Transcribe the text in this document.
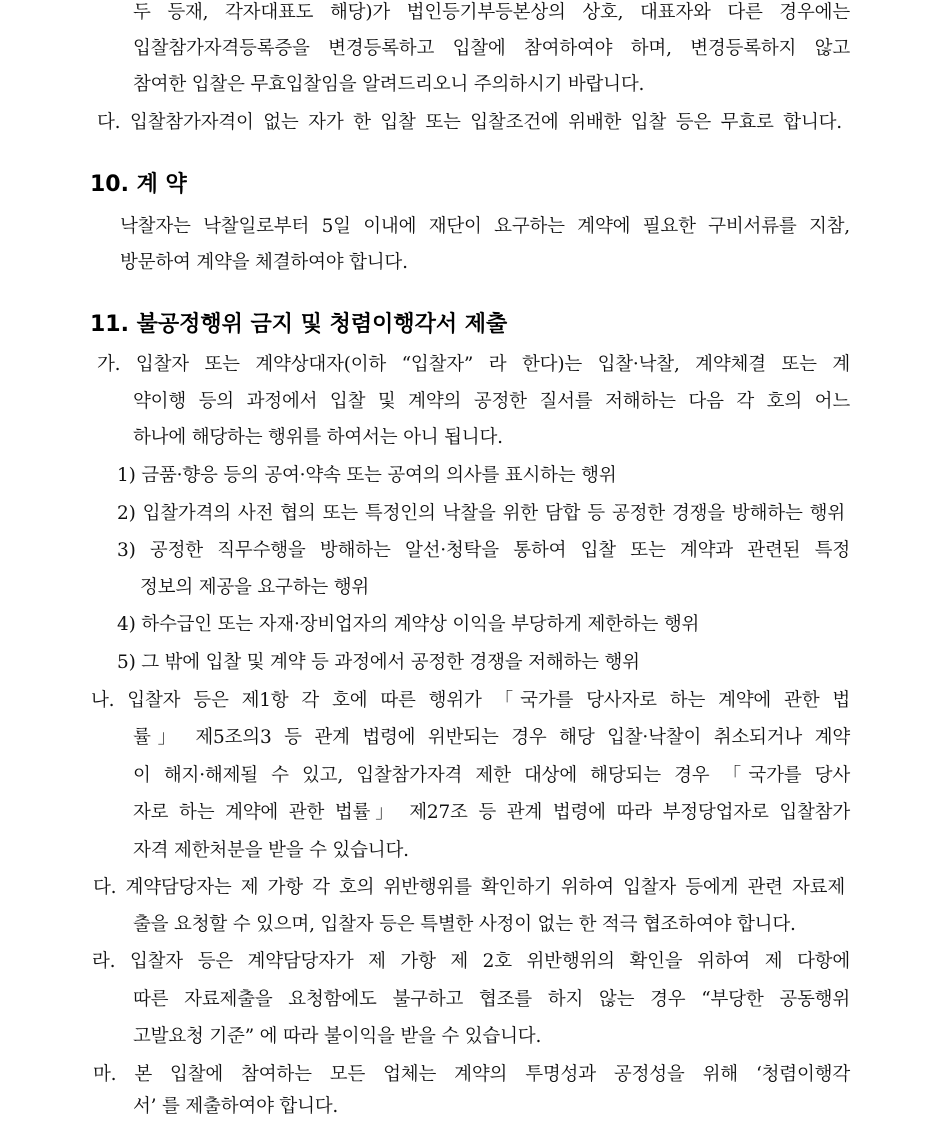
두 등재, 각자대표도 해당)가 법인등기부등본상의 상호, 대표자와 다른 경우에는
입찰참가자격등록증을 변경등록하고 입찰에 참여하여야 하며, 변경등록하지 않고
참여한 입찰은 무효입찰임을 알려드리오니 주의하시기 바랍니다.
다. 입찰참가자격이 없는 자가 한 입찰 또는 입찰조건에 위배한 입찰 등은 무효로 합니다.
10. 계 약
낙찰자는 낙찰일로부터 5일 이내에 재단이 요구하는 계약에 필요한 구비서류를 지참,
방문하여 계약을 체결하여야 합니다.
11. 불공정행위 금지 및 청렴이행각서 제출
가. 입찰자 또는 계약상대자(이하 “입찰자” 라 한다)는 입찰·낙찰, 계약체결 또는 계
약이행 등의 과정에서 입찰 및 계약의 공정한 질서를 저해하는 다음 각 호의 어느
하나에 해당하는 행위를 하여서는 아니 됩니다.
1) 금품·향응 등의 공여·약속 또는 공여의 의사를 표시하는 행위
2) 입찰가격의 사전 협의 또는 특정인의 낙찰을 위한 담합 등 공정한 경쟁을 방해하는 행위
3) 공정한 직무수행을 방해하는 알선·청탁을 통하여 입찰 또는 계약과 관련된 특정
정보의 제공을 요구하는 행위
4) 하수급인 또는 자재·장비업자의 계약상 이익을 부당하게 제한하는 행위
5) 그 밖에 입찰 및 계약 등 과정에서 공정한 경쟁을 저해하는 행위
나. 입찰자 등은 제1항 각 호에 따른 행위가 「국가를 당사자로 하는 계약에 관한 법
률」 제5조의3 등 관계 법령에 위반되는 경우 해당 입찰·낙찰이 취소되거나 계약
이 해지·해제될 수 있고, 입찰참가자격 제한 대상에 해당되는 경우 「국가를 당사
자로 하는 계약에 관한 법률」 제27조 등 관계 법령에 따라 부정당업자로 입찰참가
자격 제한처분을 받을 수 있습니다.
다. 계약담당자는 제 가항 각 호의 위반행위를 확인하기 위하여 입찰자 등에게 관련 자료제
출을 요청할 수 있으며, 입찰자 등은 특별한 사정이 없는 한 적극 협조하여야 합니다.
라. 입찰자 등은 계약담당자가 제 가항 제 2호 위반행위의 확인을 위하여 제 다항에
따른 자료제출을 요청함에도 불구하고 협조를 하지 않는 경우 “부당한 공동행위
고발요청 기준” 에 따라 불이익을 받을 수 있습니다.
마. 본 입찰에 참여하는 모든 업체는 계약의 투명성과 공정성을 위해 ‘청렴이행각
서’ 를 제출하여야 합니다.
